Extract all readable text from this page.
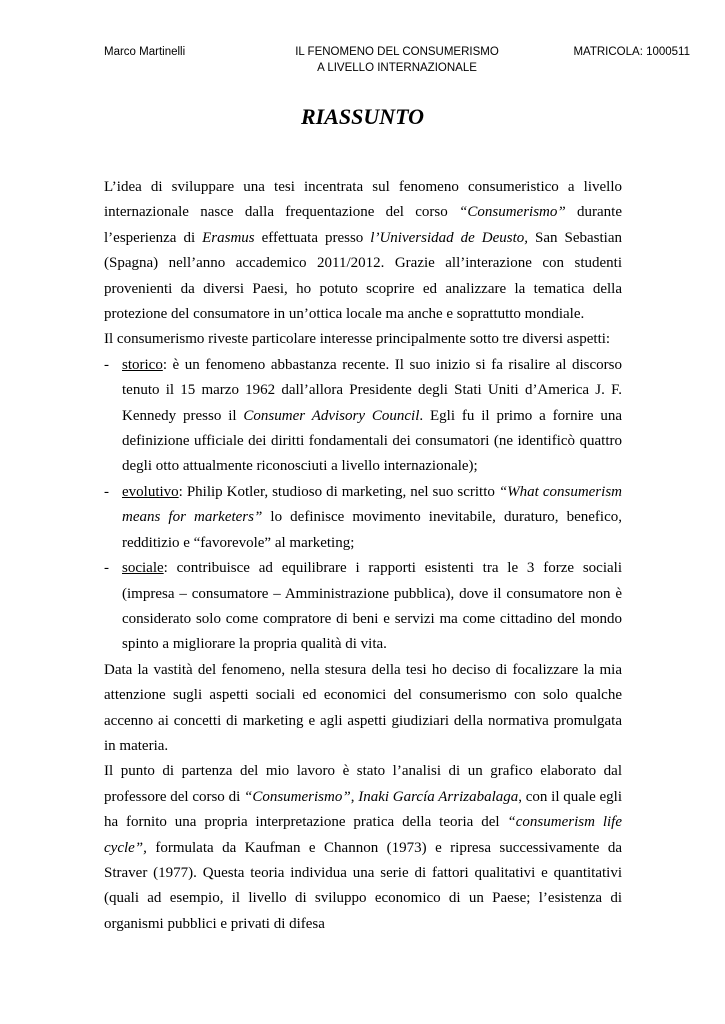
Marco Martinelli	IL FENOMENO DEL CONSUMERISMO
A LIVELLO INTERNAZIONALE
MATRICOLA: 1000511
RIASSUNTO

L’idea di sviluppare una tesi incentrata sul fenomeno consumeristico a livello internazionale nasce dalla frequentazione del corso “Consumerismo” durante l’esperienza di Erasmus effettuata presso l’Universidad de Deusto, San Sebastian (Spagna) nell’anno accademico 2011/2012. Grazie all’interazione con studenti provenienti da diversi Paesi, ho potuto scoprire ed analizzare la tematica della protezione del consumatore in un’ottica locale ma anche e soprattutto mondiale.

Il consumerismo riveste particolare interesse principalmente sotto tre diversi aspetti:

- storico: è un fenomeno abbastanza recente. Il suo inizio si fa risalire al discorso tenuto il 15 marzo 1962 dall’allora Presidente degli Stati Uniti d’America J. F. Kennedy presso il Consumer Advisory Council. Egli fu il primo a fornire una definizione ufficiale dei diritti fondamentali dei consumatori (ne identificò quattro degli otto attualmente riconosciuti a livello internazionale);
- evolutivo: Philip Kotler, studioso di marketing, nel suo scritto “What consumerism means for marketers” lo definisce movimento inevitabile, duraturo, benefico, redditizio e “favorevole” al marketing;
- sociale: contribuisce ad equilibrare i rapporti esistenti tra le 3 forze sociali (impresa – consumatore – Amministrazione pubblica), dove il consumatore non è considerato solo come compratore di beni e servizi ma come cittadino del mondo spinto a migliorare la propria qualità di vita.

Data la vastità del fenomeno, nella stesura della tesi ho deciso di focalizzare la mia attenzione sugli aspetti sociali ed economici del consumerismo con solo qualche accenno ai concetti di marketing e agli aspetti giudiziari della normativa promulgata in materia.

Il punto di partenza del mio lavoro è stato l’analisi di un grafico elaborato dal professore del corso di “Consumerismo”, Inaki García Arrizabalaga, con il quale egli ha fornito una propria interpretazione pratica della teoria del “consumerism life cycle”, formulata da Kaufman e Channon (1973) e ripresa successivamente da Straver (1977). Questa teoria individua una serie di fattori qualitativi e quantitativi (quali ad esempio, il livello di sviluppo economico di un Paese; l’esistenza di organismi pubblici e privati di difesa
